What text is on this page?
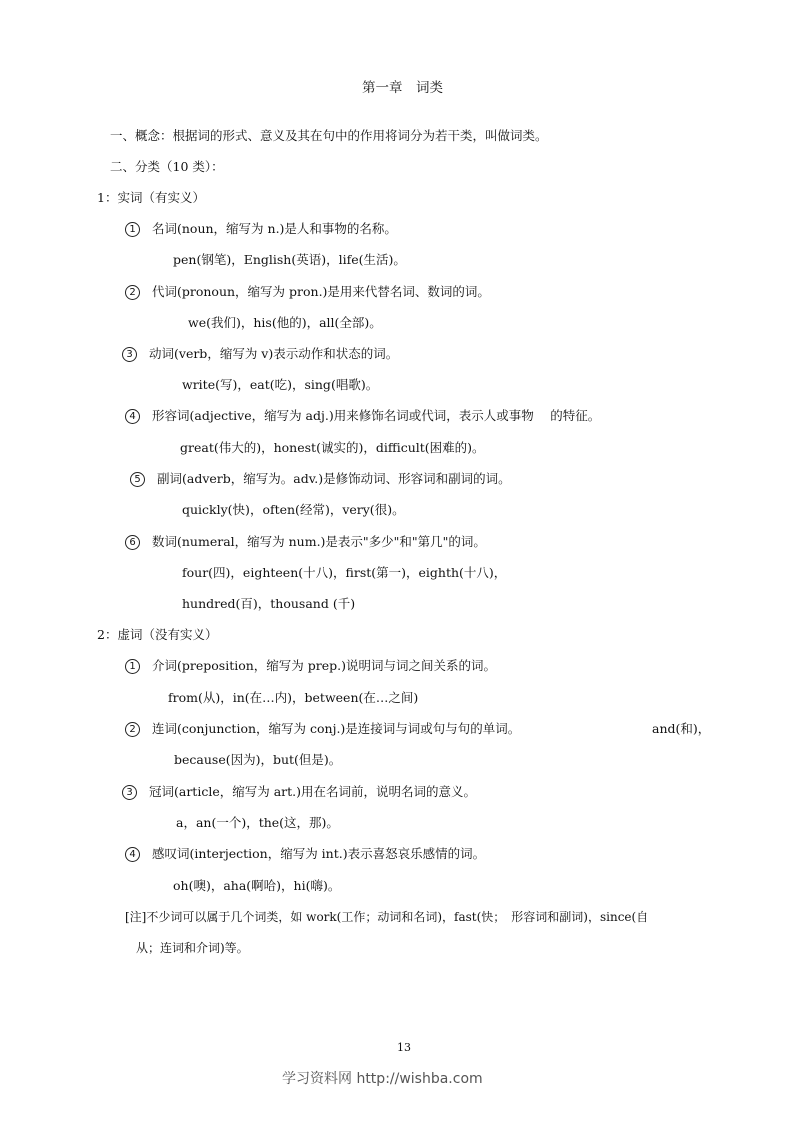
第一章　词类
一、概念：根据词的形式、意义及其在句中的作用将词分为若干类，叫做词类。
二、分类（10 类）：
1：实词（有实义）
1 名词(noun，缩写为 n.)是人和事物的名称。
pen(钢笔)，English(英语)，life(生活)。
2 代词(pronoun，缩写为 pron.)是用来代替名词、数词的词。
we(我们)，his(他的)，all(全部)。
3 动词(verb，缩写为 v)表示动作和状态的词。
write(写)，eat(吃)，sing(唱歌)。
4 形容词(adjective，缩写为 adj.)用来修饰名词或代词，表示人或事物　 的特征。
great(伟大的)，honest(诚实的)，difficult(困难的)。
5 副词(adverb，缩写为。adv.)是修饰动词、形容词和副词的词。
quickly(快)，often(经常)，very(很)。
6 数词(numeral，缩写为 num.)是表示"多少"和"第几"的词。
four(四)，eighteen(十八)，first(第一)，eighth(十八)，
hundred(百)，thousand (千)
2：虚词（没有实义）
1 介词(preposition，缩写为 prep.)说明词与词之间关系的词。
from(从)，in(在…内)，between(在…之间)
2 连词(conjunction，缩写为 conj.)是连接词与词或句与句的单词。	and(和)，
because(因为)，but(但是)。
3 冠词(article，缩写为 art.)用在名词前，说明名词的意义。
a，an(一个)，the(这，那)。
4 感叹词(interjection，缩写为 int.)表示喜怒哀乐感情的词。
oh(噢)，aha(啊哈)，hi(嗨)。
[注]不少词可以属于几个词类，如 work(工作；动词和名词)，fast(快；　形容词和副词)，since(自
从；连词和介词)等。
13
学习资料网 http://wishba.com
